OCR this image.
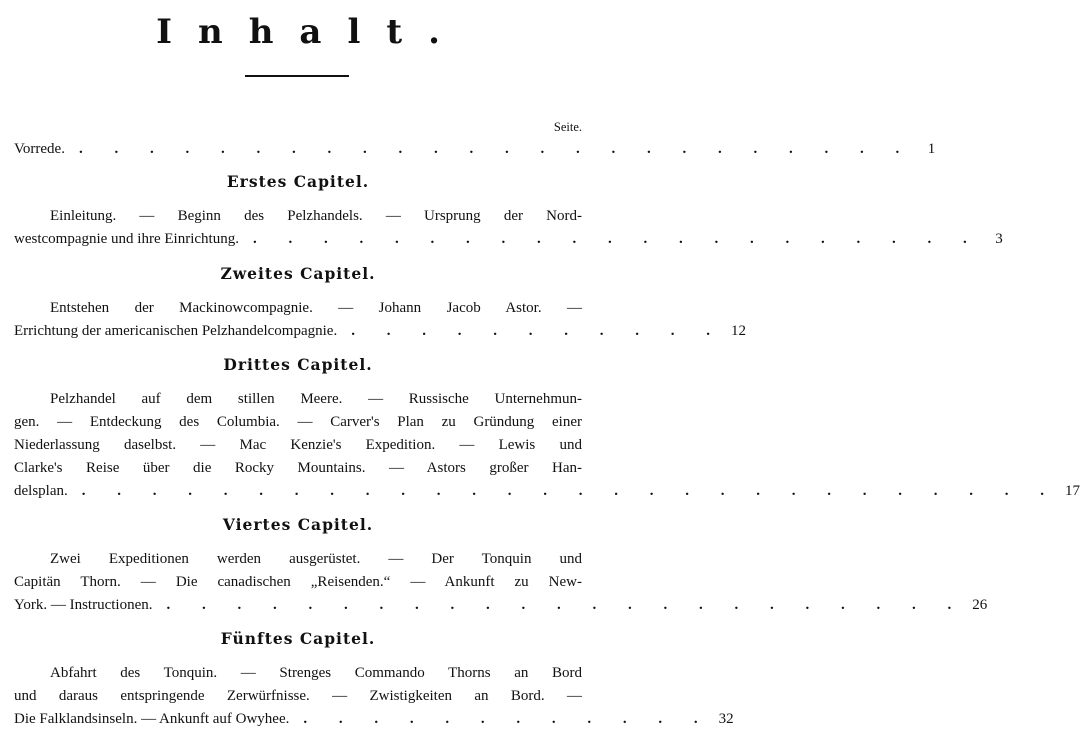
Inhalt.
Seite.
Vorrede. . . . . . . . . . . . . . . . . . . . . . . . . 1
Erstes Capitel.
Einleitung. — Beginn des Pelzhandels. — Ursprung der Nord-
westcompagnie und ihre Einrichtung. . . . . . . . . . . . . . . . . . . . . . 3
Zweites Capitel.
Entstehen der Mackinowcompagnie. — Johann Jacob Astor. —
Errichtung der americanischen Pelzhandelcompagnie. . . . . . . . . . . . 12
Drittes Capitel.
Pelzhandel auf dem stillen Meere. — Russische Unternehmun-
gen. — Entdeckung des Columbia. — Carver's Plan zu Gründung einer
Niederlassung daselbst. — Mac Kenzie's Expedition. — Lewis und
Clarke's Reise über die Rocky Mountains. — Astors großer Han-
delsplan. . . . . . . . . . . . . . . . . . . . . . . . . . . . . 17
Viertes Capitel.
Zwei Expeditionen werden ausgerüstet. — Der Tonquin und
Capitän Thorn. — Die canadischen „Reisenden.“ — Ankunft zu New-
York. — Instructionen. . . . . . . . . . . . . . . . . . . . . . . . 26
Fünftes Capitel.
Abfahrt des Tonquin. — Strenges Commando Thorns an Bord
und daraus entspringende Zerwürfnisse. — Zwistigkeiten an Bord. —
Die Falklandsinseln. — Ankunft auf Owyhee. . . . . . . . . . . . . 32
